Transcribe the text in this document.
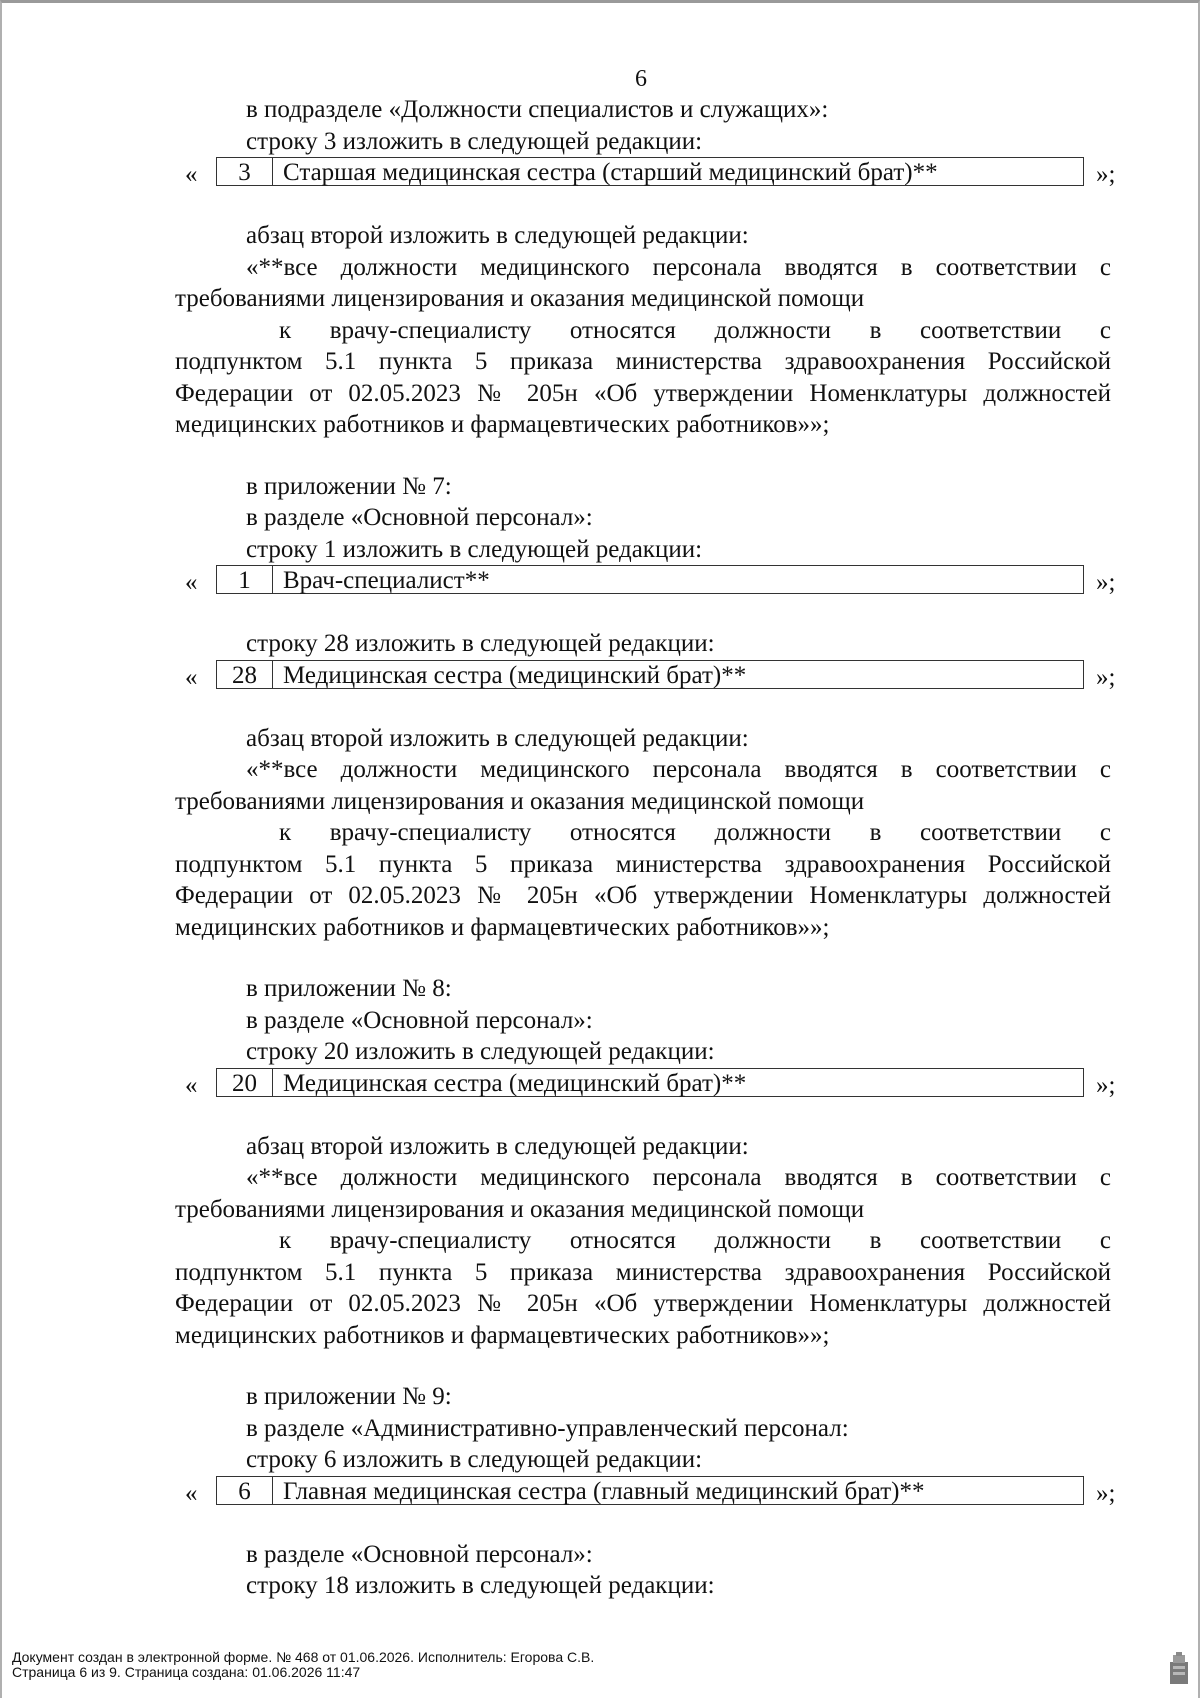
6
в подразделе «Должности специалистов и служащих»:
строку 3 изложить в следующей редакции:
«	3	Старшая медицинская сестра (старший медицинский брат)**	»;
абзац второй изложить в следующей редакции:
«**все должности медицинского персонала вводятся в соответствии с
требованиями лицензирования и оказания медицинской помощи
к врачу-специалисту относятся должности в соответствии с
подпунктом 5.1 пункта 5 приказа министерства здравоохранения Российской
Федерации от 02.05.2023 № 205н «Об утверждении Номенклатуры должностей
медицинских работников и фармацевтических работников»»;
в приложении № 7:
в разделе «Основной персонал»:
строку 1 изложить в следующей редакции:
«	1	Врач-специалист**	»;
строку 28 изложить в следующей редакции:
«	28	Медицинская сестра (медицинский брат)**	»;
абзац второй изложить в следующей редакции:
«**все должности медицинского персонала вводятся в соответствии с
требованиями лицензирования и оказания медицинской помощи
к врачу-специалисту относятся должности в соответствии с
подпунктом 5.1 пункта 5 приказа министерства здравоохранения Российской
Федерации от 02.05.2023 № 205н «Об утверждении Номенклатуры должностей
медицинских работников и фармацевтических работников»»;
в приложении № 8:
в разделе «Основной персонал»:
строку 20 изложить в следующей редакции:
«	20	Медицинская сестра (медицинский брат)**	»;
абзац второй изложить в следующей редакции:
«**все должности медицинского персонала вводятся в соответствии с
требованиями лицензирования и оказания медицинской помощи
к врачу-специалисту относятся должности в соответствии с
подпунктом 5.1 пункта 5 приказа министерства здравоохранения Российской
Федерации от 02.05.2023 № 205н «Об утверждении Номенклатуры должностей
медицинских работников и фармацевтических работников»»;
в приложении № 9:
в разделе «Административно-управленческий персонал:
строку 6 изложить в следующей редакции:
«	6	Главная медицинская сестра (главный медицинский брат)**	»;
в разделе «Основной персонал»:
строку 18 изложить в следующей редакции:
Документ создан в электронной форме. № 468 от 01.06.2026. Исполнитель: Егорова С.В.
Страница 6 из 9. Страница создана: 01.06.2026 11:47
